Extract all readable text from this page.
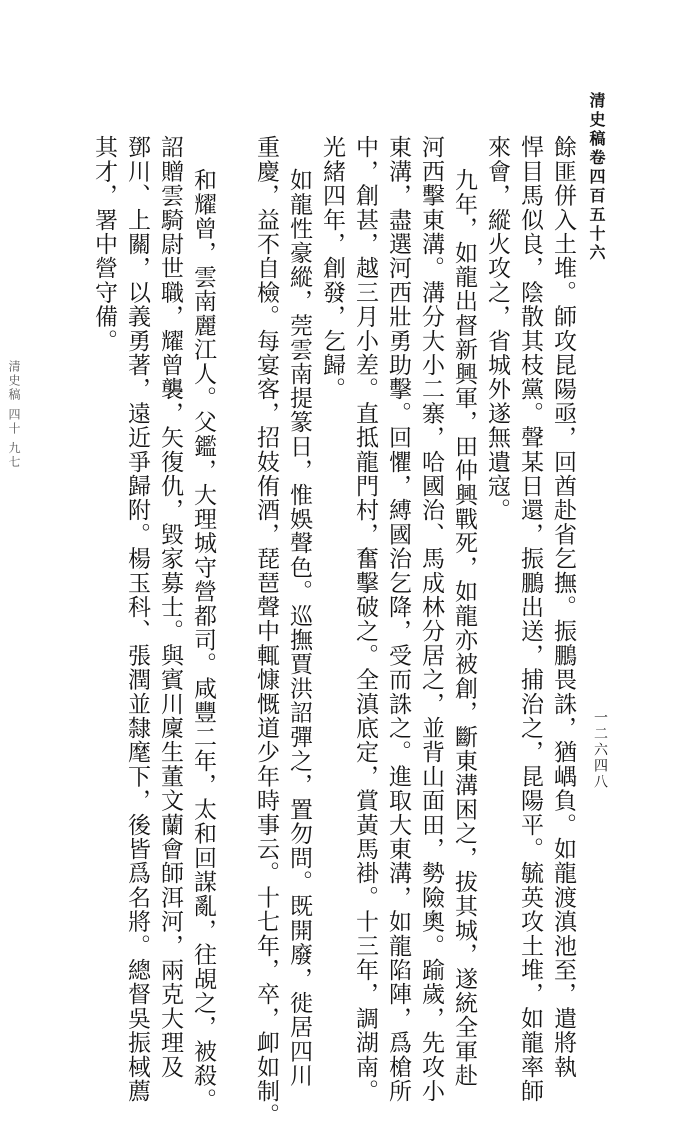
清史稿卷四百五十六
一二六四八

餘匪併入土堆。師攻昆陽亟，回酋赴省乞撫。振鵬畏誅，猶嵎負。如龍渡滇池至，遣將執

悍目馬似良，陰散其枝黨。聲某日還，振鵬出送，捕治之，昆陽平。毓英攻土堆，如龍率師

來會，縱火攻之，省城外遂無遺寇。

九年，如龍出督新興軍，田仲興戰死，如龍亦被創，斷東溝困之，拔其城，遂統全軍赴

河西擊東溝。溝分大小二寨，哈國治、馬成林分居之，並背山面田，勢險奧。踰歲，先攻小

東溝，盡選河西壯勇助擊。回懼，縛國治乞降，受而誅之。進取大東溝，如龍陷陣，爲槍所

中，創甚，越三月小差。直抵龍門村，奮擊破之。全滇底定，賞黃馬褂。十三年，調湖南。

光緒四年，創發，乞歸。

如龍性豪縱，莞雲南提篆日，惟娛聲色。巡撫賈洪詔彈之，置勿問。既開廢，徙居四川

重慶，益不自檢。每宴客，招妓侑酒，琵琶聲中輒慷慨道少年時事云。十七年，卒，卹如制。

和耀曾，雲南麗江人。父鑑，大理城守營都司。咸豐二年，太和回謀亂，往覘之，被殺。

詔贈雲騎尉世職，耀曾襲，矢復仇，毀家募士。與賓川廩生董文蘭會師洱河，兩克大理及

鄧川、上關，以義勇著，遠近爭歸附。楊玉科、張潤並隸麾下，後皆爲名將。總督吳振棫薦

其才，署中營守備。

清史稿 四十 九七
